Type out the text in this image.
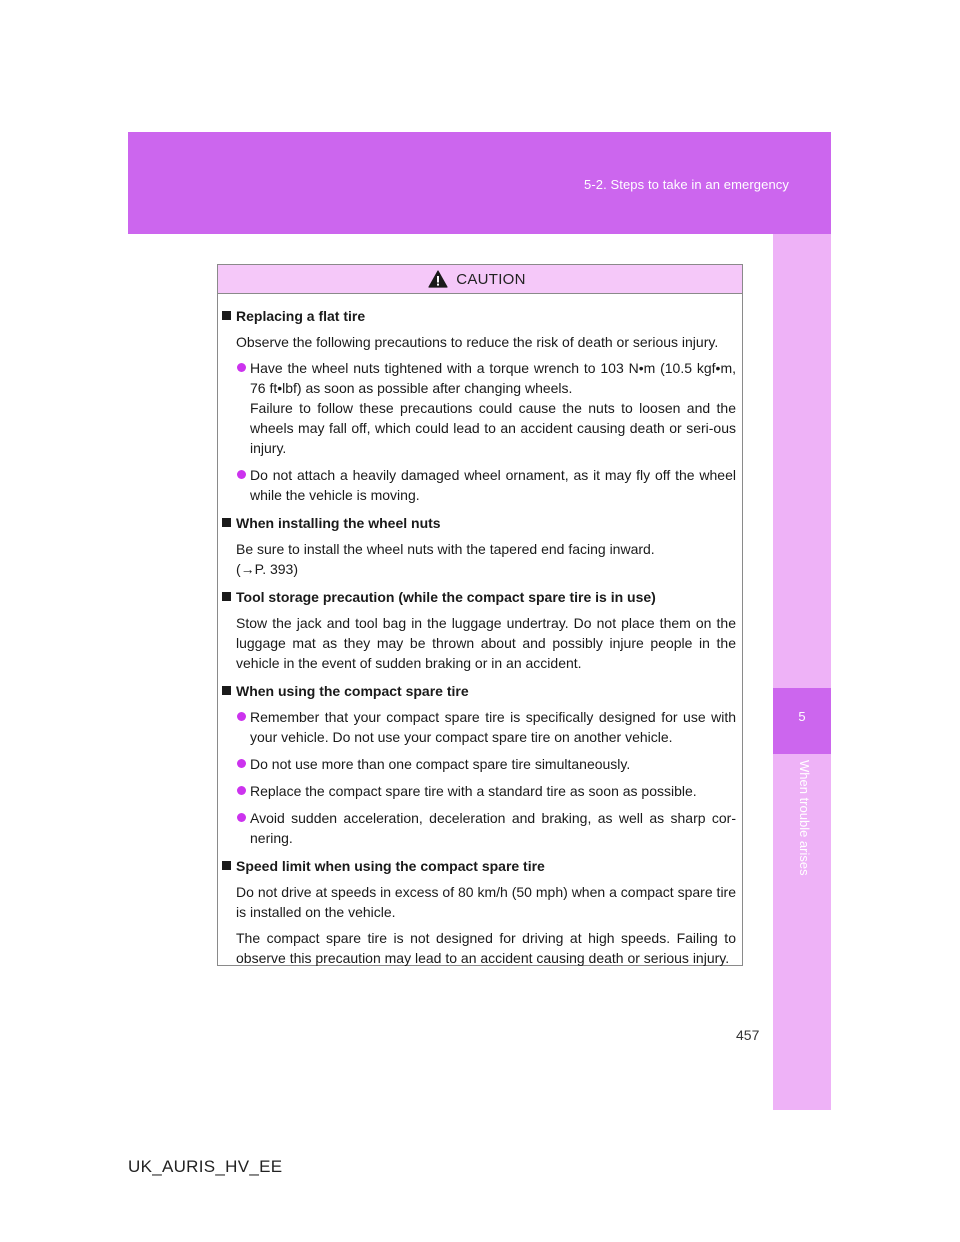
5-2. Steps to take in an emergency
5
When trouble arises
CAUTION
Replacing a flat tire
Observe the following precautions to reduce the risk of death or serious injury.
Have the wheel nuts tightened with a torque wrench to 103 N•m (10.5 kgf•m, 76 ft•lbf) as soon as possible after changing wheels.
Failure to follow these precautions could cause the nuts to loosen and the wheels may fall off, which could lead to an accident causing death or seri-ous injury.
Do not attach a heavily damaged wheel ornament, as it may fly off the wheel while the vehicle is moving.
When installing the wheel nuts
Be sure to install the wheel nuts with the tapered end facing inward.
(→P. 393)
Tool storage precaution (while the compact spare tire is in use)
Stow the jack and tool bag in the luggage undertray. Do not place them on the luggage mat as they may be thrown about and possibly injure people in the vehicle in the event of sudden braking or in an accident.
When using the compact spare tire
Remember that your compact spare tire is specifically designed for use with your vehicle. Do not use your compact spare tire on another vehicle.
Do not use more than one compact spare tire simultaneously.
Replace the compact spare tire with a standard tire as soon as possible.
Avoid sudden acceleration, deceleration and braking, as well as sharp cor-nering.
Speed limit when using the compact spare tire
Do not drive at speeds in excess of 80 km/h (50 mph) when a compact spare tire is installed on the vehicle.
The compact spare tire is not designed for driving at high speeds. Failing to observe this precaution may lead to an accident causing death or serious injury.
457
UK_AURIS_HV_EE
